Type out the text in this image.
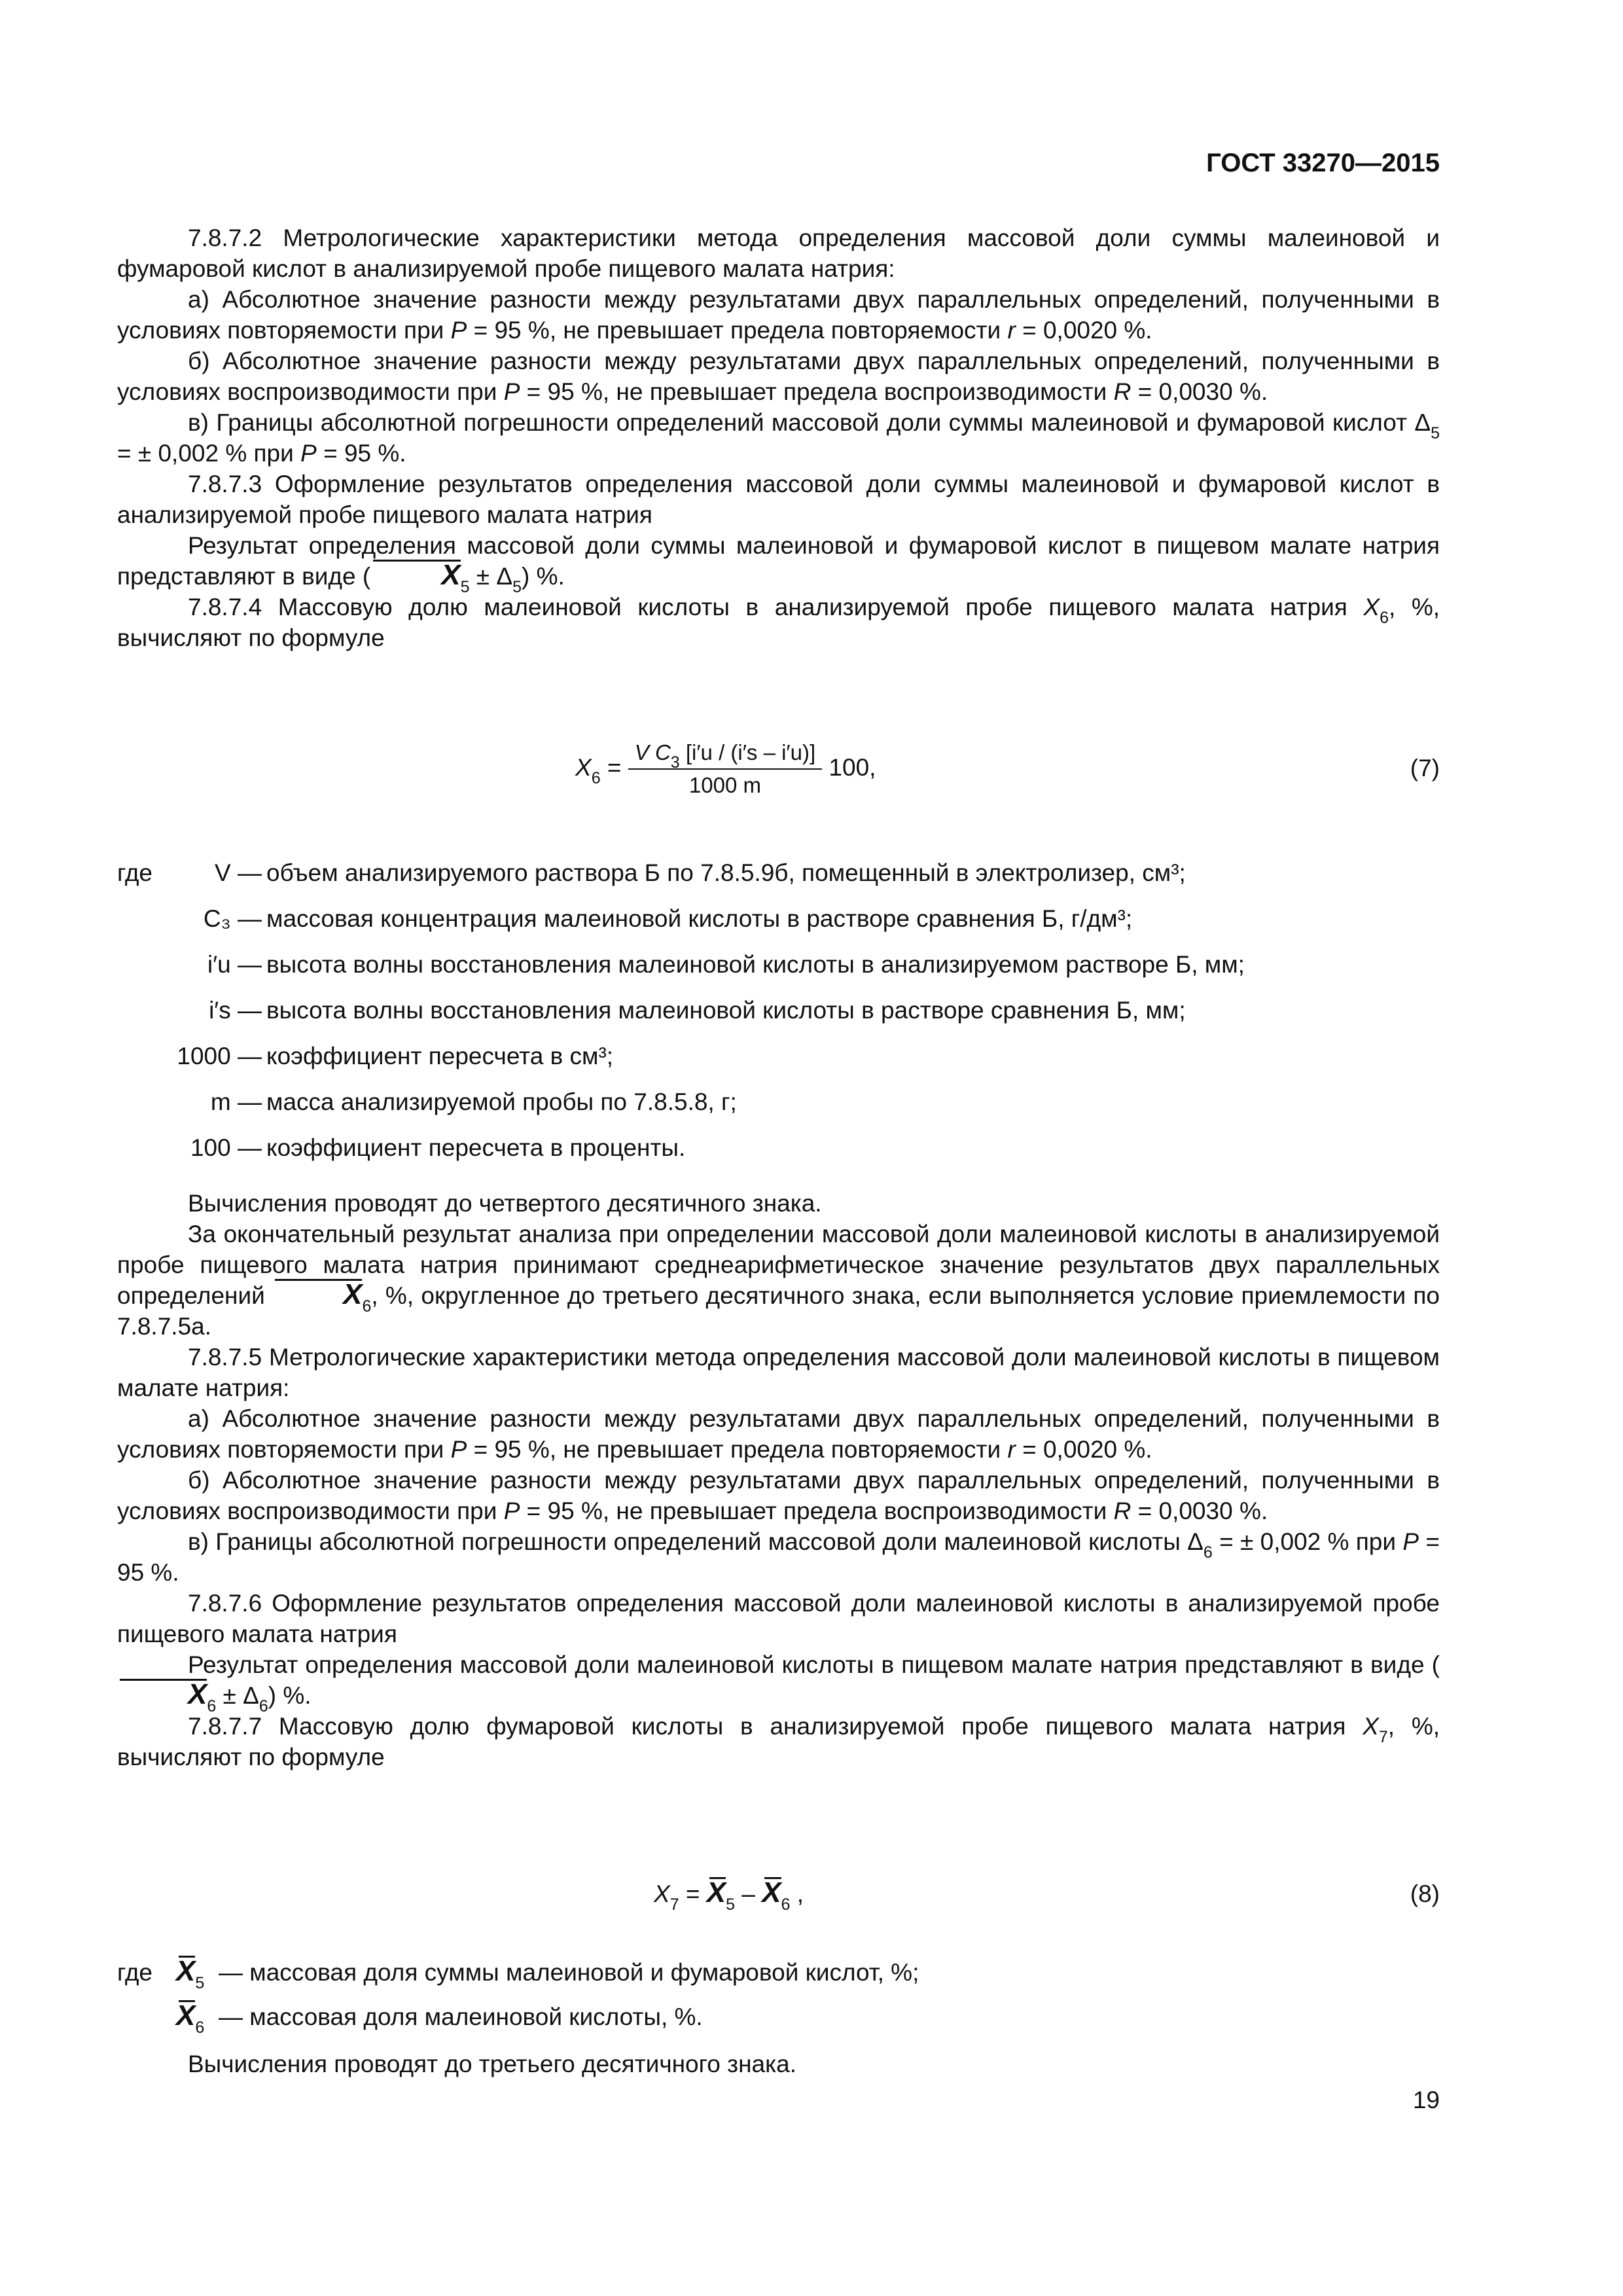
ГОСТ 33270—2015

7.8.7.2 Метрологические характеристики метода определения массовой доли суммы малеиновой и фумаровой кислот в анализируемой пробе пищевого малата натрия:

а) Абсолютное значение разности между результатами двух параллельных определений, полученными в условиях повторяемости при P = 95 %, не превышает предела повторяемости r = 0,0020 %.

б) Абсолютное значение разности между результатами двух параллельных определений, полученными в условиях воспроизводимости при P = 95 %, не превышает предела воспроизводимости R = 0,0030 %.

в) Границы абсолютной погрешности определений массовой доли суммы малеиновой и фумаровой кислот $\Delta_5$ = ± 0,002 % при P = 95 %.

7.8.7.3 Оформление результатов определения массовой доли суммы малеиновой и фумаровой кислот в анализируемой пробе пищевого малата натрия

Результат определения массовой доли суммы малеиновой и фумаровой кислот в пищевом малате натрия представляют в виде ( $X_5 \pm \Delta_5$) %.

7.8.7.4 Массовую долю малеиновой кислоты в анализируемой пробе пищевого малата натрия $X_6$, %, вычисляют по формуле

$X_6 = \frac{V C_3 [i'u / (i's - i'u)]}{1000 m} 100$,	(7)
где	V — объем анализируемого раствора Б по 7.8.5.9б, помещенный в электролизер, см³;
C₃ — массовая концентрация малеиновой кислоты в растворе сравнения Б, г/дм³;
i′u — высота волны восстановления малеиновой кислоты в анализируемом растворе Б, мм;
i′s — высота волны восстановления малеиновой кислоты в растворе сравнения Б, мм;
1000 — коэффициент пересчета в см³;
m — масса анализируемой пробы по 7.8.5.8, г;
100 — коэффициент пересчета в проценты.

Вычисления проводят до четвертого десятичного знака.

За окончательный результат анализа при определении массовой доли малеиновой кислоты в анализируемой пробе пищевого малата натрия принимают среднеарифметическое значение результатов двух параллельных определений	$X_6$, %, округленное до третьего десятичного знака, если выполняется условие приемлемости по 7.8.7.5а.

7.8.7.5 Метрологические характеристики метода определения массовой доли малеиновой кислоты в пищевом малате натрия:

а) Абсолютное значение разности между результатами двух параллельных определений, полученными в условиях повторяемости при P = 95 %, не превышает предела повторяемости r = 0,0020 %.

б) Абсолютное значение разности между результатами двух параллельных определений, полученными в условиях воспроизводимости при P = 95 %, не превышает предела воспроизводимости R = 0,0030 %.

в) Границы абсолютной погрешности определений массовой доли малеиновой кислоты $\Delta_6$ = ± 0,002 % при P = 95 %.

7.8.7.6 Оформление результатов определения массовой доли малеиновой кислоты в анализируемой пробе пищевого малата натрия

Результат определения массовой доли малеиновой кислоты в пищевом малате натрия представляют в виде $(X_6 \pm \Delta_6)$ %.

7.8.7.7 Массовую долю фумаровой кислоты в анализируемой пробе пищевого малата натрия $X_7$, %, вычисляют по формуле

$X_7 = X_5 - X_6$ ,	(8)
где $X_5$ — массовая доля суммы малеиновой и фумаровой кислот, %;
$X_6$ — массовая доля малеиновой кислоты, %.

Вычисления проводят до третьего десятичного знака.

19
